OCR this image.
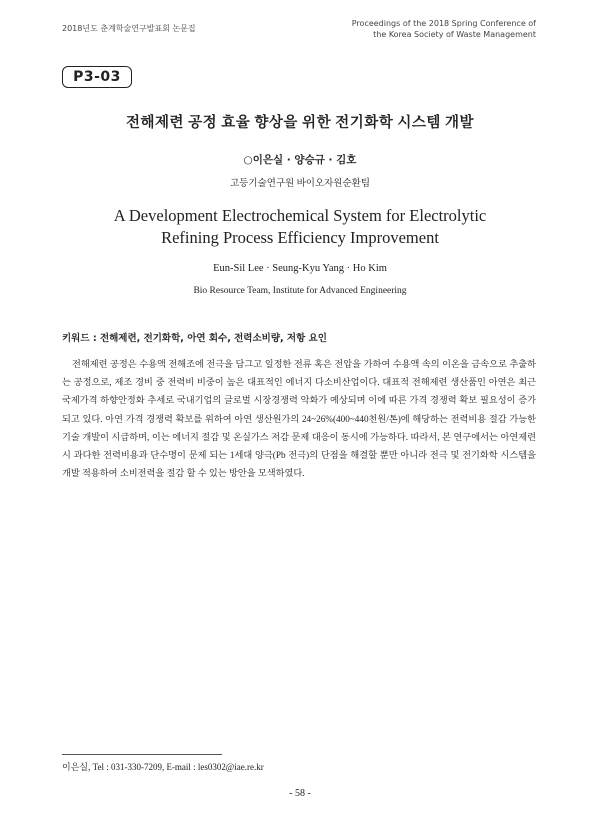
2018년도 춘계학술연구발표회 논문집
Proceedings of the 2018 Spring Conference of
the Korea Society of Waste Management
P3-03
전해제련 공정 효율 향상을 위한 전기화학 시스템 개발
○이은실 · 양승규 · 김호
고등기술연구원 바이오자원순환팀
A Development Electrochemical System for Electrolytic
Refining Process Efficiency Improvement
Eun-Sil Lee · Seung-Kyu Yang · Ho Kim
Bio Resource Team, Institute for Advanced Engineering
키워드 : 전해제련, 전기화학, 아연 회수, 전력소비량, 저항 요인

전해제련 공정은 수용액 전해조에 전극을 담그고 일정한 전류 혹은 전압을 가하여 수용액 속의 이온을 금속으로 추출하는 공정으로, 제조 경비 중 전력비 비중이 높은 대표적인 에너지 다소비산업이다. 대표적 전해제련 생산품인 아연은 최근 국제가격 하향안정화 추세로 국내기업의 글로벌 시장경쟁력 악화가 예상되며 이에 따른 가격 경쟁력 확보 필요성이 증가되고 있다. 아연 가격 경쟁력 확보를 위하여 아연 생산원가의 24~26%(400~440천원/톤)에 해당하는 전력비용 절감 가능한 기술 개발이 시급하며, 이는 에너지 절감 및 온실가스 저감 문제 대응이 동시에 가능하다. 따라서, 본 연구에서는 아연제련 시 과다한 전력비용과 단수명이 문제 되는 1세대 양극(Pb 전극)의 단점을 해결할 뿐만 아니라 전극 및 전기화학 시스템을 개발 적용하여 소비전력을 절감 할 수 있는 방안을 모색하였다.

이은실, Tel : 031-330-7209, E-mail : les0302@iae.re.kr
- 58 -
